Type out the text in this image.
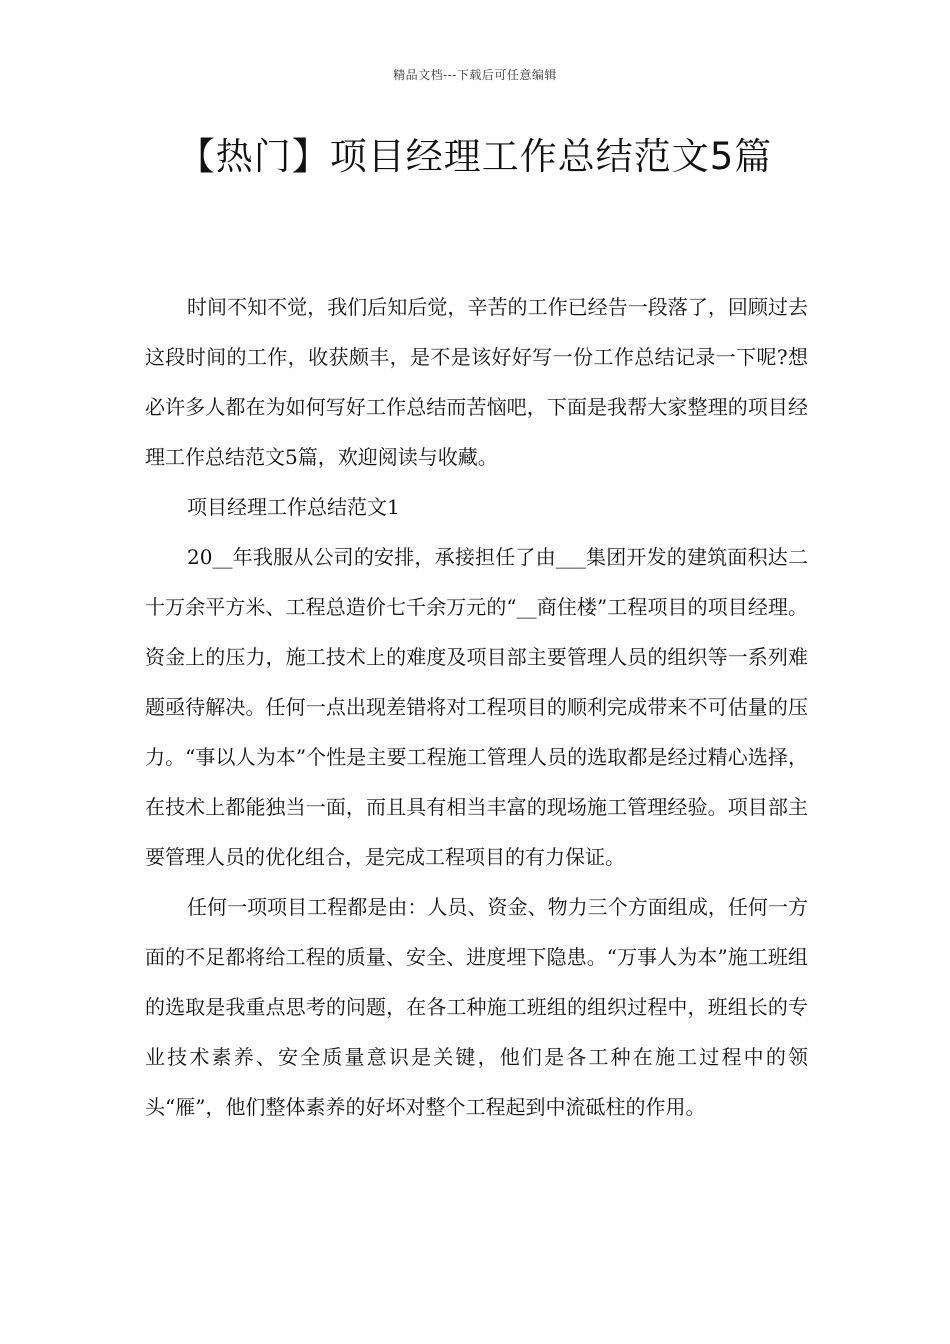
精品文档---下载后可任意编辑
【热门】项目经理工作总结范文5篇

时间不知不觉，我们后知后觉，辛苦的工作已经告一段落了，回顾过去这段时间的工作，收获颇丰，是不是该好好写一份工作总结记录一下呢?想必许多人都在为如何写好工作总结而苦恼吧，下面是我帮大家整理的项目经理工作总结范文5篇，欢迎阅读与收藏。

项目经理工作总结范文1

20__年我服从公司的安排，承接担任了由___集团开发的建筑面积达二十万余平方米、工程总造价七千余万元的“__商住楼”工程项目的项目经理。资金上的压力，施工技术上的难度及项目部主要管理人员的组织等一系列难题亟待解决。任何一点出现差错将对工程项目的顺利完成带来不可估量的压力。“事以人为本”个性是主要工程施工管理人员的选取都是经过精心选择，在技术上都能独当一面，而且具有相当丰富的现场施工管理经验。项目部主要管理人员的优化组合，是完成工程项目的有力保证。

任何一项项目工程都是由：人员、资金、物力三个方面组成，任何一方面的不足都将给工程的质量、安全、进度埋下隐患。“万事人为本”施工班组的选取是我重点思考的问题，在各工种施工班组的组织过程中，班组长的专业技术素养、安全质量意识是关键，他们是各工种在施工过程中的领头“雁”，他们整体素养的好坏对整个工程起到中流砥柱的作用。
